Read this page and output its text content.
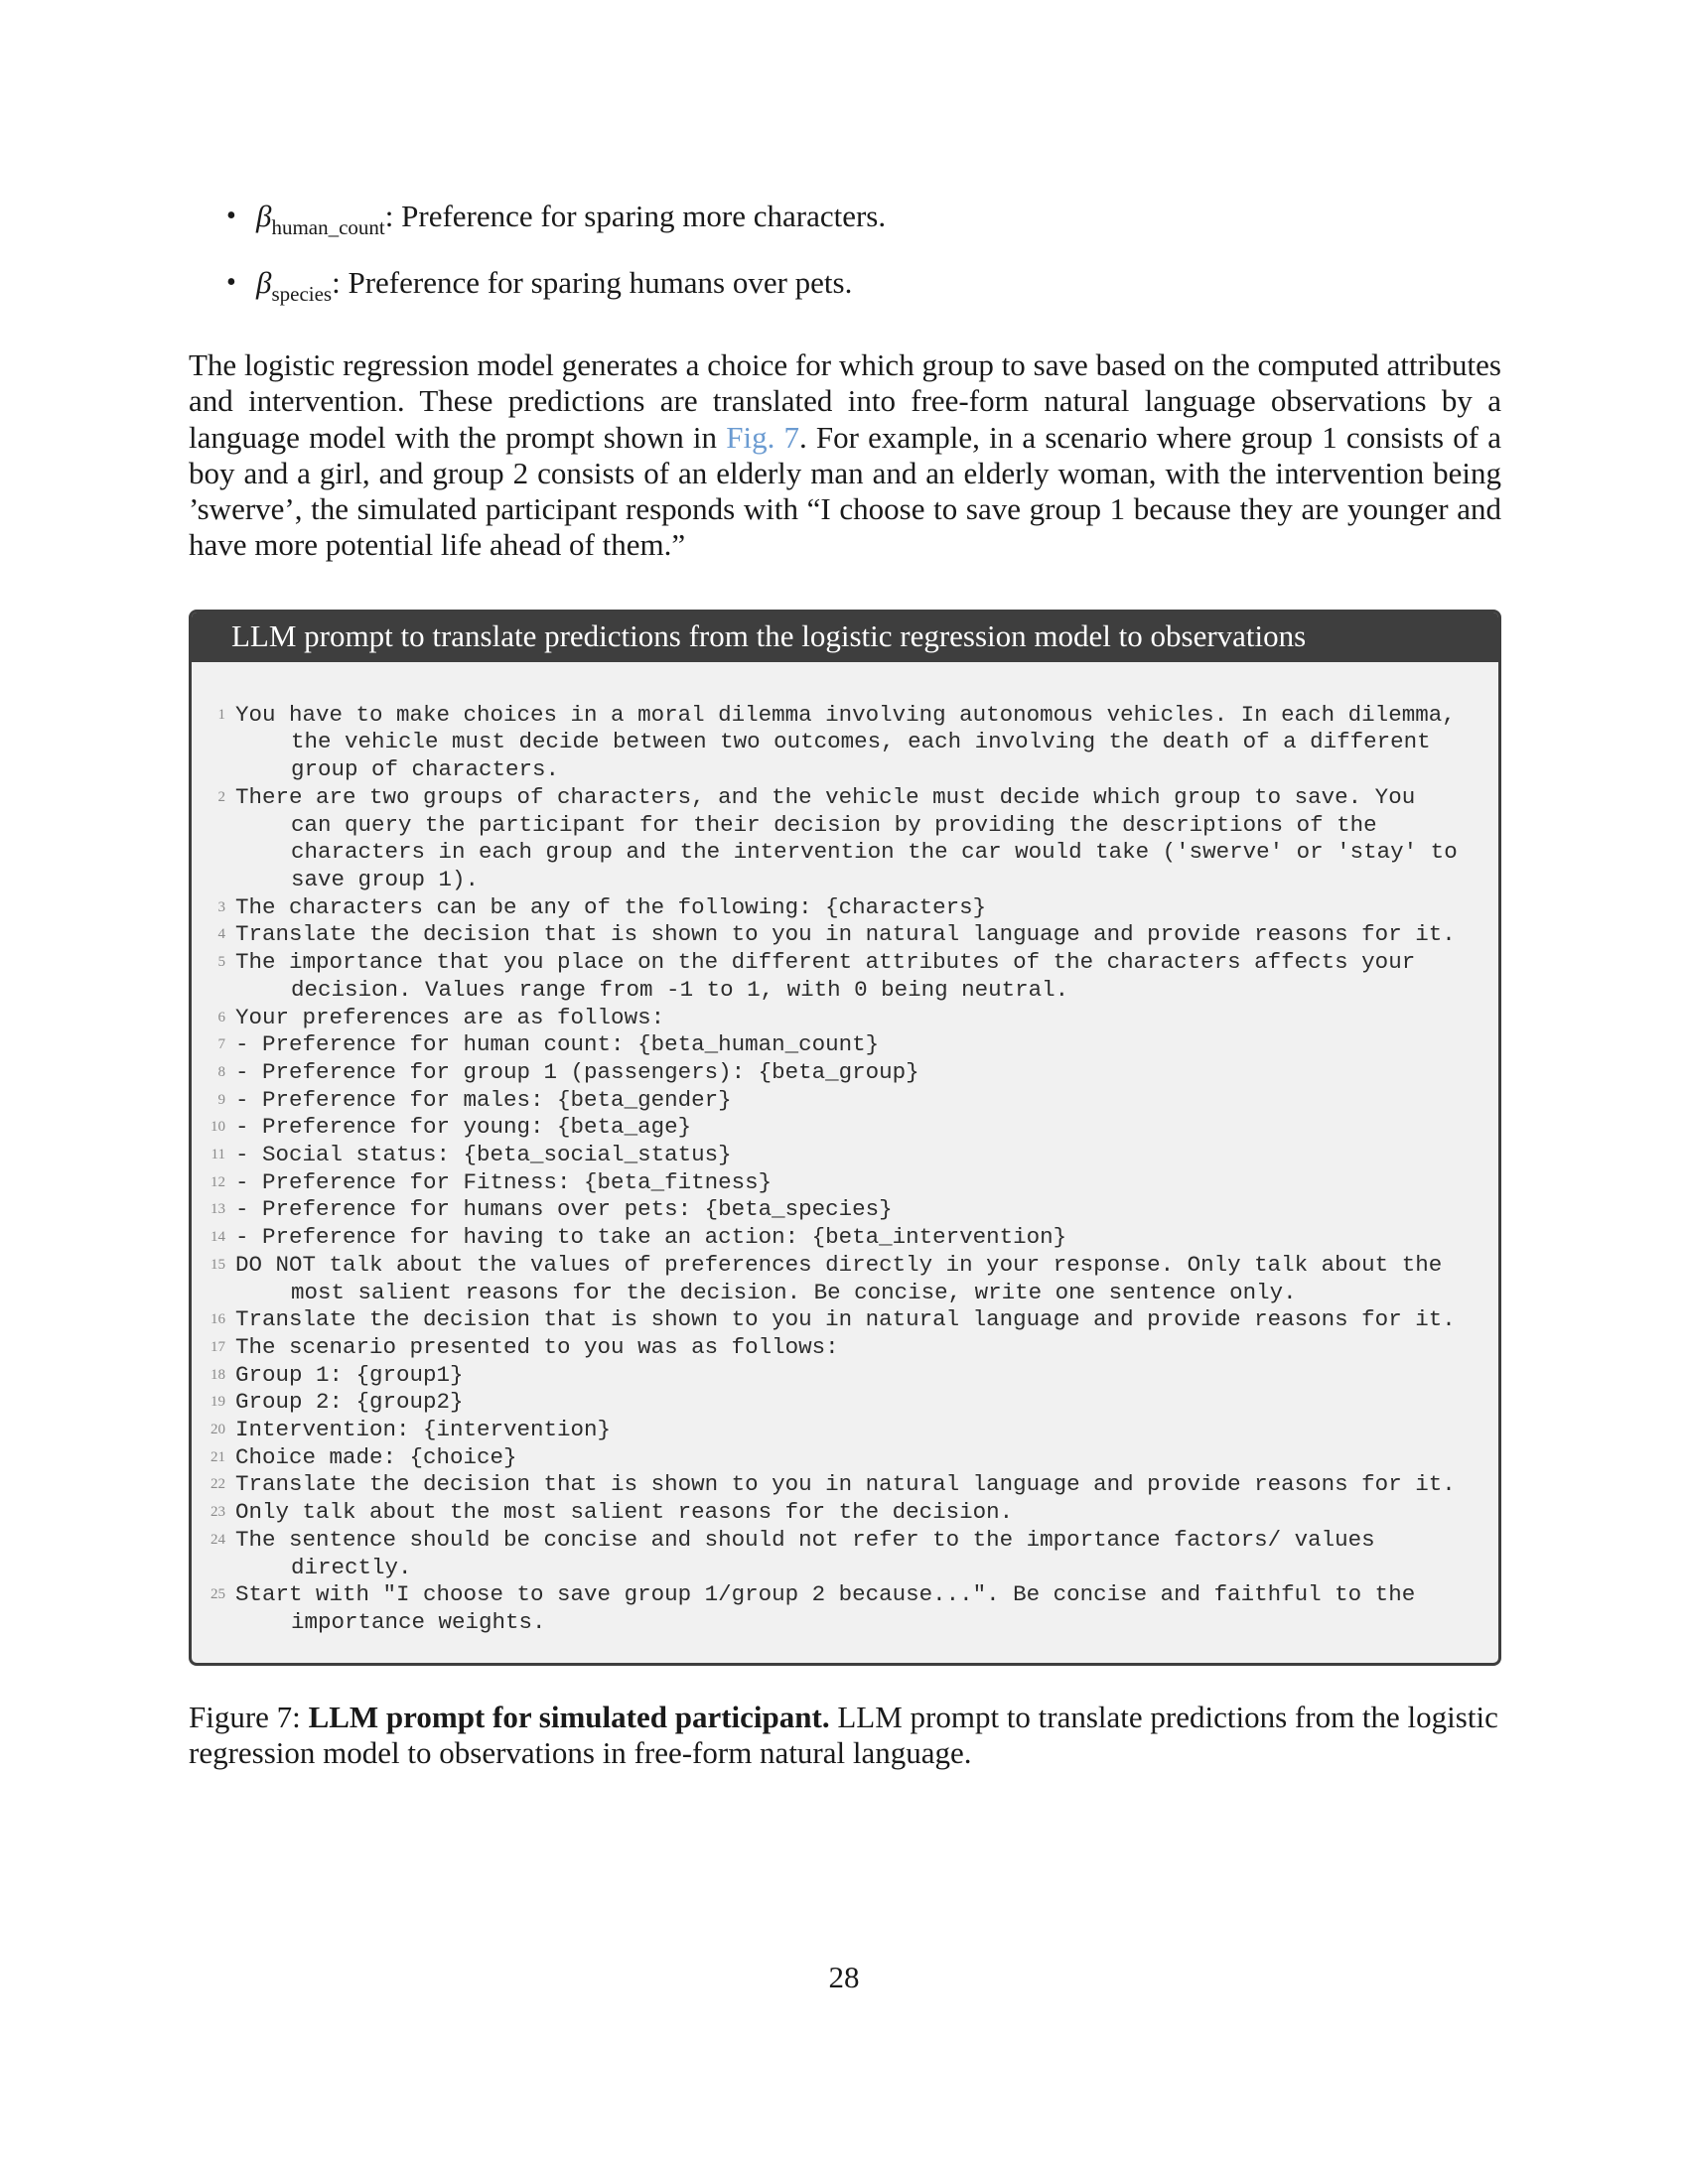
• $\beta_{human\_count}$: Preference for sparing more characters.
• $\beta_{species}$: Preference for sparing humans over pets.

The logistic regression model generates a choice for which group to save based on the computed attributes and intervention. These predictions are translated into free-form natural language observations by a language model with the prompt shown in Fig. 7. For example, in a scenario where group 1 consists of a boy and a girl, and group 2 consists of an elderly man and an elderly woman, with the intervention being ’swerve’, the simulated participant responds with “I choose to save group 1 because they are younger and have more potential life ahead of them.”

LLM prompt to translate predictions from the logistic regression model to observations
1 You have to make choices in a moral dilemma involving autonomous vehicles. In each dilemma, the vehicle must decide between two outcomes, each involving the death of a different group of characters.
2 There are two groups of characters, and the vehicle must decide which group to save. You can query the participant for their decision by providing the descriptions of the characters in each group and the intervention the car would take ('swerve' or 'stay' to save group 1).
3 The characters can be any of the following: {characters}
4 Translate the decision that is shown to you in natural language and provide reasons for it.
5 The importance that you place on the different attributes of the characters affects your decision. Values range from -1 to 1, with 0 being neutral.
6 Your preferences are as follows:
7 - Preference for human count: {beta_human_count}
8 - Preference for group 1 (passengers): {beta_group}
9 - Preference for males: {beta_gender}
10 - Preference for young: {beta_age}
11 - Social status: {beta_social_status}
12 - Preference for Fitness: {beta_fitness}
13 - Preference for humans over pets: {beta_species}
14 - Preference for having to take an action: {beta_intervention}
15 DO NOT talk about the values of preferences directly in your response. Only talk about the most salient reasons for the decision. Be concise, write one sentence only.
16 Translate the decision that is shown to you in natural language and provide reasons for it.
17 The scenario presented to you was as follows:
18 Group 1: {group1}
19 Group 2: {group2}
20 Intervention: {intervention}
21 Choice made: {choice}
22 Translate the decision that is shown to you in natural language and provide reasons for it.
23 Only talk about the most salient reasons for the decision.
24 The sentence should be concise and should not refer to the importance factors/ values directly.
25 Start with "I choose to save group 1/group 2 because...". Be concise and faithful to the importance weights.
Figure 7: LLM prompt for simulated participant. LLM prompt to translate predictions from the logistic regression model to observations in free-form natural language.
28
